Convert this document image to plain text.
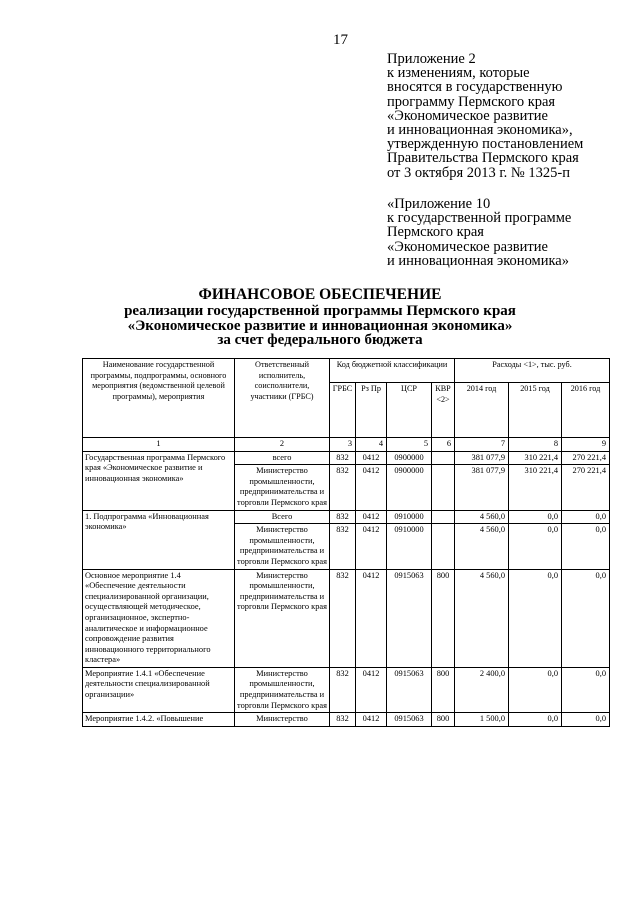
17
Приложение 2
к изменениям, которые
вносятся в государственную
программу Пермского края
«Экономическое развитие
и инновационная экономика»,
утвержденную постановлением
Правительства Пермского края
от 3 октября 2013 г. № 1325-п
«Приложение 10
к государственной программе
Пермского края
«Экономическое развитие
и инновационная экономика»
ФИНАНСОВОЕ ОБЕСПЕЧЕНИЕ
реализации государственной программы Пермского края
«Экономическое развитие и инновационная экономика»
за счет федерального бюджета
Наименование государственной программы, подпрограммы, основного мероприятия (ведомственной целевой программы), мероприятия	Ответственный исполнитель, соисполнители, участники (ГРБС)	Код бюджетной классификации				Расходы <1>, тыс. руб.		
		ГРБС	Рз Пр	ЦСР	КВР <2>	2014 год	2015 год	2016 год
1	2	3	4	5	6	7	8	9
Государственная программа Пермского края «Экономическое развитие и инновационная экономика»	всего	832	0412	0900000		381 077,9	310 221,4	270 221,4
	Министерство промышленности, предпринимательства и торговли Пермского края	832	0412	0900000		381 077,9	310 221,4	270 221,4
1. Подпрограмма «Инновационная экономика»	Всего	832	0412	0910000		4 560,0	0,0	0,0
	Министерство промышленности, предпринимательства и торговли Пермского края	832	0412	0910000		4 560,0	0,0	0,0
Основное мероприятие 1.4 «Обеспечение деятельности специализированной организации, осуществляющей методическое, организационное, экспертно-аналитическое и информационное сопровождение развития инновационного территориального кластера»	Министерство промышленности, предпринимательства и торговли Пермского края	832	0412	0915063	800	4 560,0	0,0	0,0
Мероприятие 1.4.1 «Обеспечение деятельности специализированной организации»	Министерство промышленности, предпринимательства и торговли Пермского края	832	0412	0915063	800	2 400,0	0,0	0,0
Мероприятие 1.4.2. «Повышение	Министерство	832	0412	0915063	800	1 500,0	0,0	0,0
